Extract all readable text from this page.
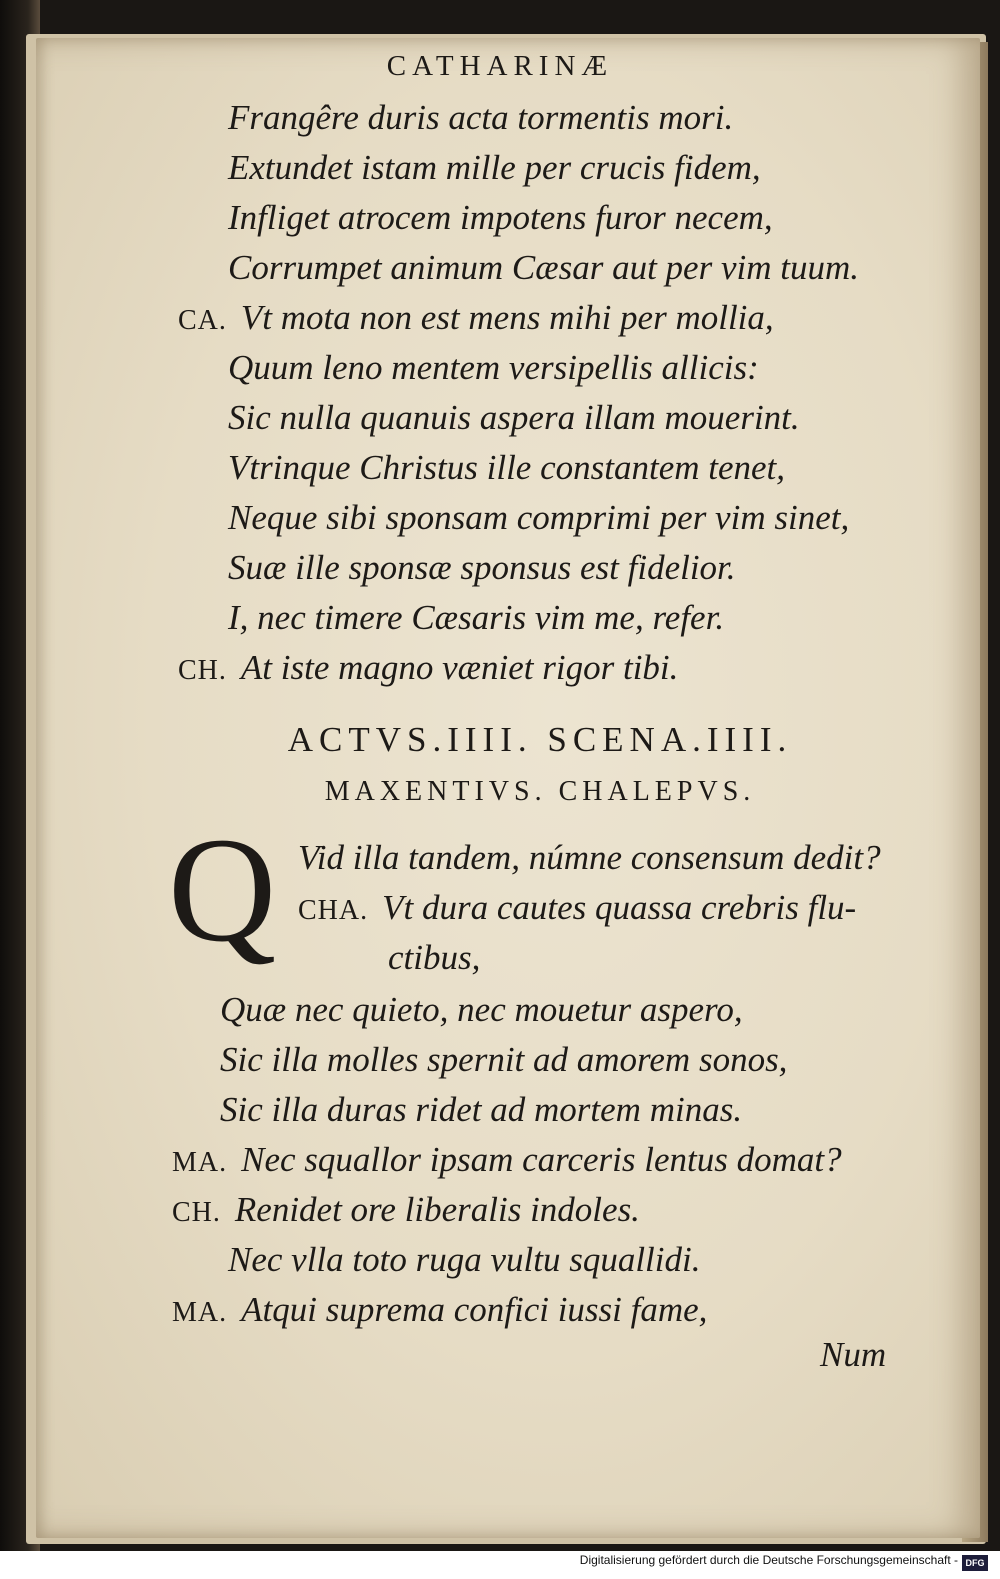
CATHARINÆ
Frangêre duris acta tormentis mori.
Extundet istam mille per crucis fidem,
Infliget atrocem impotens furor necem,
Corrumpet animum Cæsar aut per vim tuum.
CA. Vt mota non est mens mihi per mollia,
Quum leno mentem versipellis allicis:
Sic nulla quanuis aspera illam mouerint.
Vtrinque Christus ille constantem tenet,
Neque sibi sponsam comprimi per vim sinet,
Suæ ille sponsæ sponsus est fidelior.
I, nec timere Cæsaris vim me, refer.
CH. At iste magno væniet rigor tibi.
ACTVS.IIII. SCENA.IIII.
MAXENTIVS. CHALEPVS.
Q Vid illa tandem, númne consensum dedit?
CHA. Vt dura cautes quassa crebris flu-
ctibus,
Quæ nec quieto, nec mouetur aspero,
Sic illa molles spernit ad amorem sonos,
Sic illa duras ridet ad mortem minas.
MA. Nec squallor ipsam carceris lentus domat?
CH. Renidet ore liberalis indoles.
Nec vlla toto ruga vultu squallidi.
MA. Atqui suprema confici iussi fame,
Num
Digitalisierung gefördert durch die Deutsche Forschungsgemeinschaft - DFG
